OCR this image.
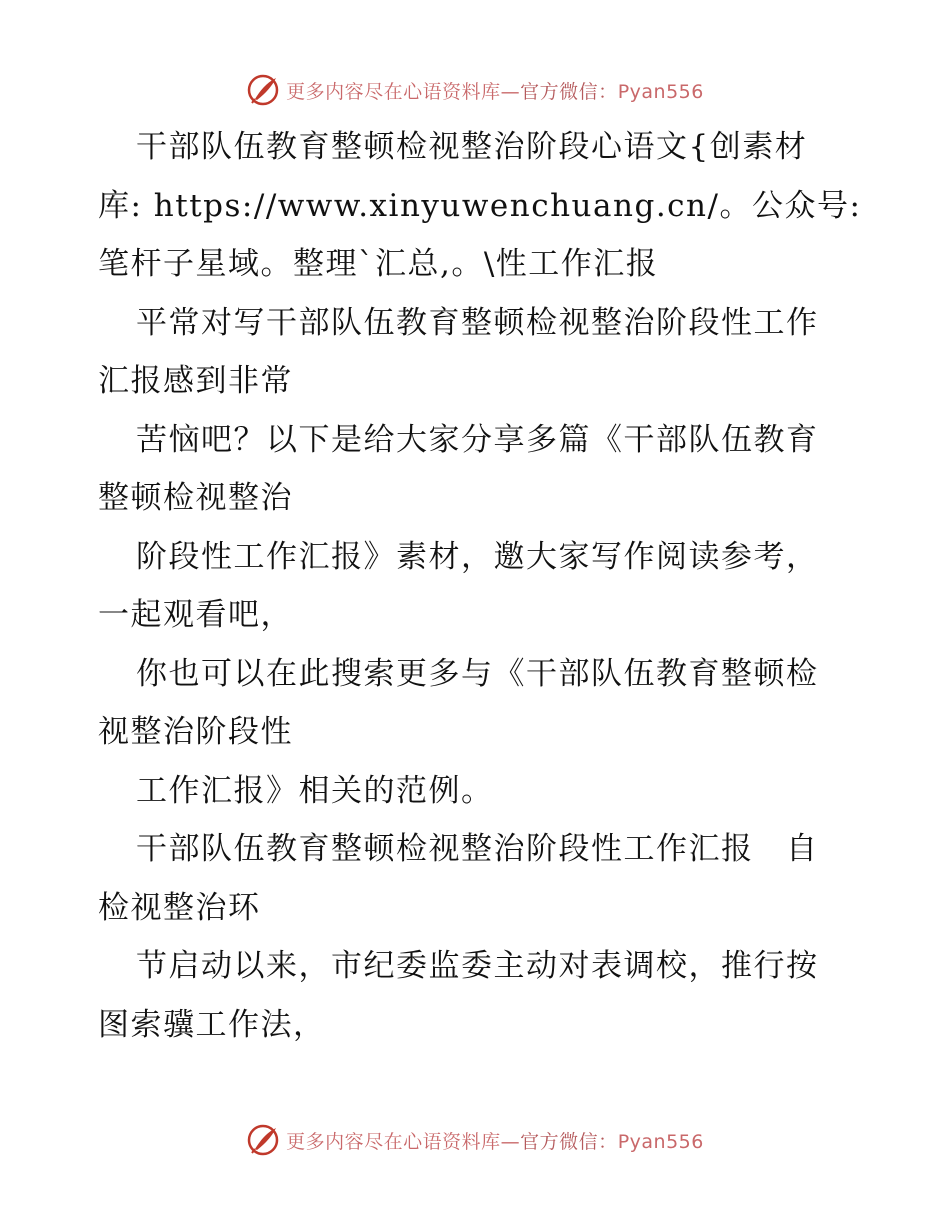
更多内容尽在心语资料库—官方微信：Pyan556
干部队伍教育整顿检视整治阶段心语文{创素材
库: https://www.xinyuwenchuang.cn/。公众号:
笔杆子星域。整理`汇总,。\性工作汇报
平常对写干部队伍教育整顿检视整治阶段性工作
汇报感到非常
苦恼吧？以下是给大家分享多篇《干部队伍教育
整顿检视整治
阶段性工作汇报》素材，邀大家写作阅读参考，
一起观看吧，
你也可以在此搜索更多与《干部队伍教育整顿检
视整治阶段性
工作汇报》相关的范例。
干部队伍教育整顿检视整治阶段性工作汇报　自
检视整治环
节启动以来，市纪委监委主动对表调校，推行按
图索骥工作法，
更多内容尽在心语资料库—官方微信：Pyan556
